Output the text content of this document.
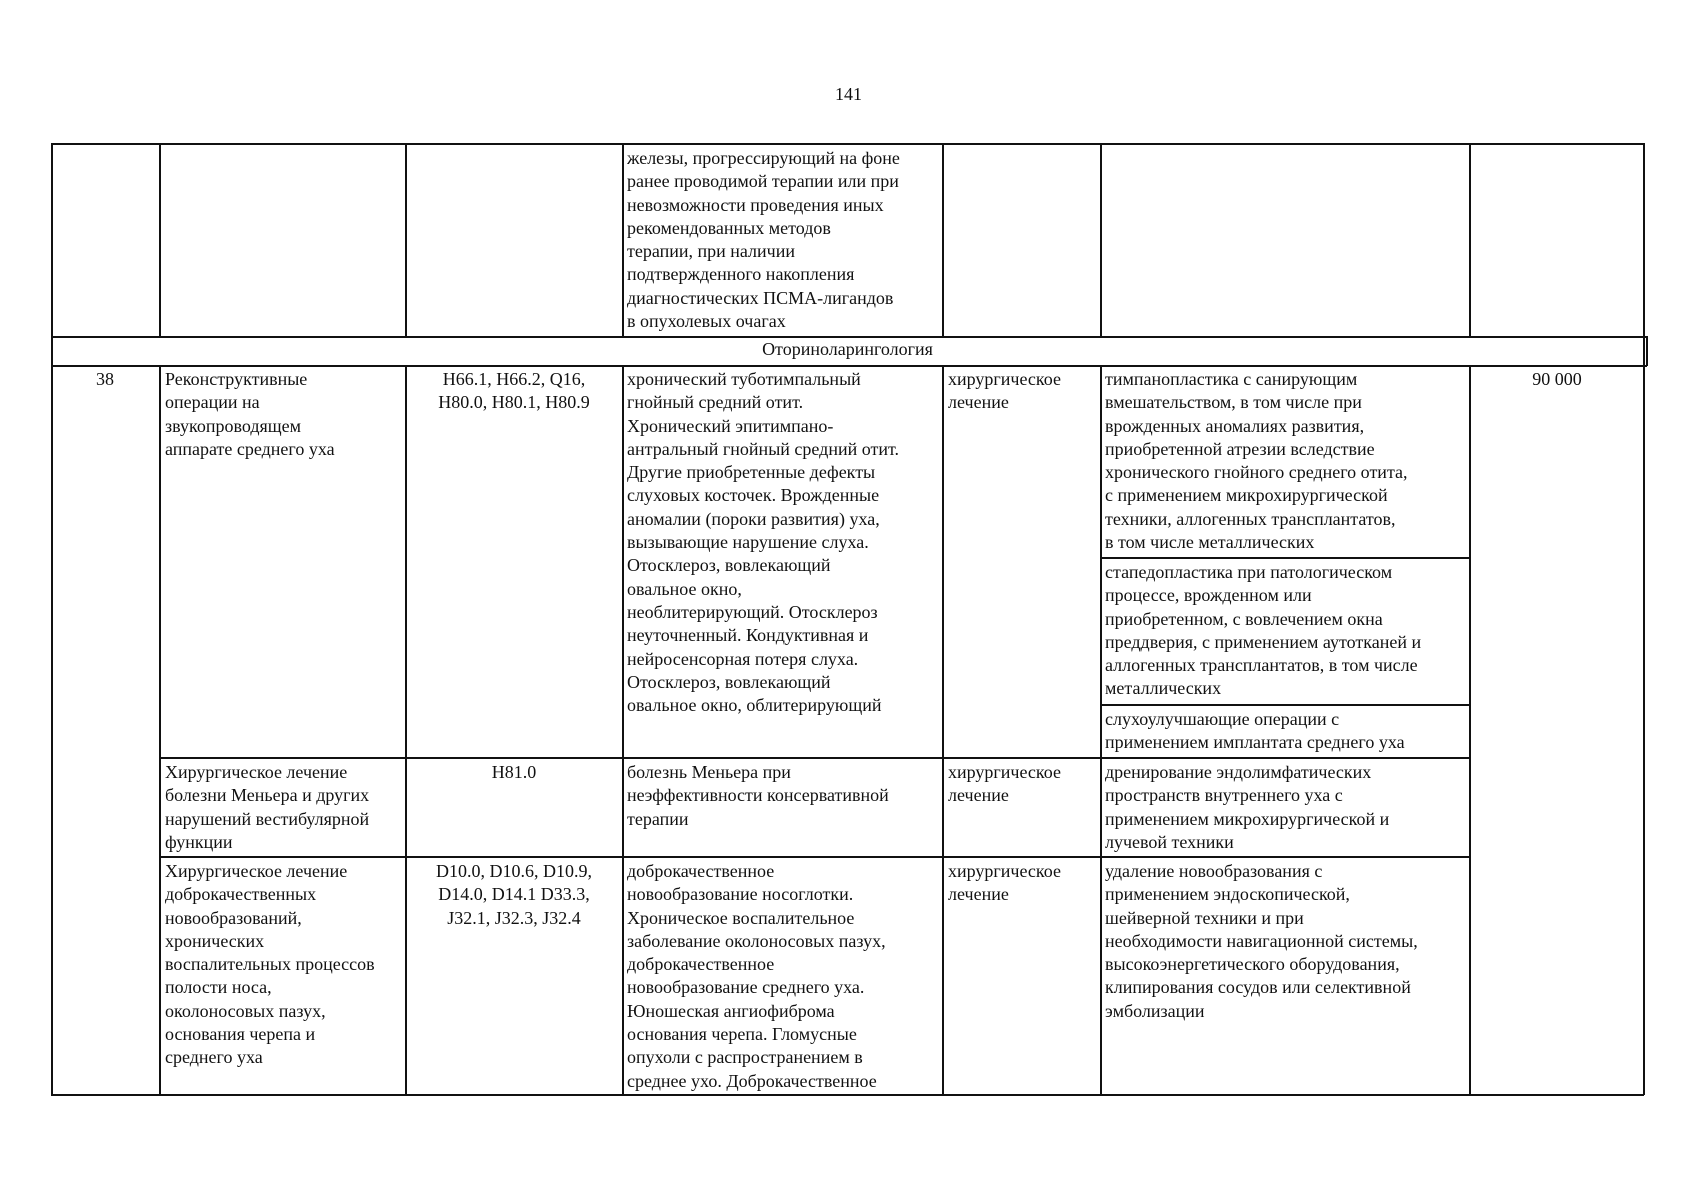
141
железы, прогрессирующий на фоне
ранее проводимой терапии или при
невозможности проведения иных
рекомендованных методов
терапии, при наличии
подтвержденного накопления
диагностических ПСМА-лигандов
в опухолевых очагах
Оториноларингология
38	90 000
Реконструктивные
операции на
звукопроводящем
аппарате среднего уха
H66.1, H66.2, Q16,
H80.0, H80.1, H80.9
хронический туботимпальный
гнойный средний отит.
Хронический эпитимпано-
антральный гнойный средний отит.
Другие приобретенные дефекты
слуховых косточек. Врожденные
аномалии (пороки развития) уха,
вызывающие нарушение слуха.
Отосклероз, вовлекающий
овальное окно,
необлитерирующий. Отосклероз
неуточненный. Кондуктивная и
нейросенсорная потеря слуха.
Отосклероз, вовлекающий
овальное окно, облитерирующий
хирургическое
лечение
тимпанопластика с санирующим
вмешательством, в том числе при
врожденных аномалиях развития,
приобретенной атрезии вследствие
хронического гнойного среднего отита,
с применением микрохирургической
техники, аллогенных трансплантатов,
в том числе металлических
стапедопластика при патологическом
процессе, врожденном или
приобретенном, с вовлечением окна
преддверия, с применением аутотканей и
аллогенных трансплантатов, в том числе
металлических
слухоулучшающие операции с
применением имплантата среднего уха
Хирургическое лечение
болезни Меньера и других
нарушений вестибулярной
функции
H81.0	болезнь Меньера при
неэффективности консервативной
терапии
хирургическое
лечение
дренирование эндолимфатических
пространств внутреннего уха с
применением микрохирургической и
лучевой техники
Хирургическое лечение
доброкачественных
новообразований,
хронических
воспалительных процессов
полости носа,
околоносовых пазух,
основания черепа и
среднего уха
D10.0, D10.6, D10.9,
D14.0, D14.1 D33.3,
J32.1, J32.3, J32.4
доброкачественное
новообразование носоглотки.
Хроническое воспалительное
заболевание околоносовых пазух,
доброкачественное
новообразование среднего уха.
Юношеская ангиофиброма
основания черепа. Гломусные
опухоли с распространением в
среднее ухо. Доброкачественное
хирургическое
лечение
удаление новообразования с
применением эндоскопической,
шейверной техники и при
необходимости навигационной системы,
высокоэнергетического оборудования,
клипирования сосудов или селективной
эмболизации
